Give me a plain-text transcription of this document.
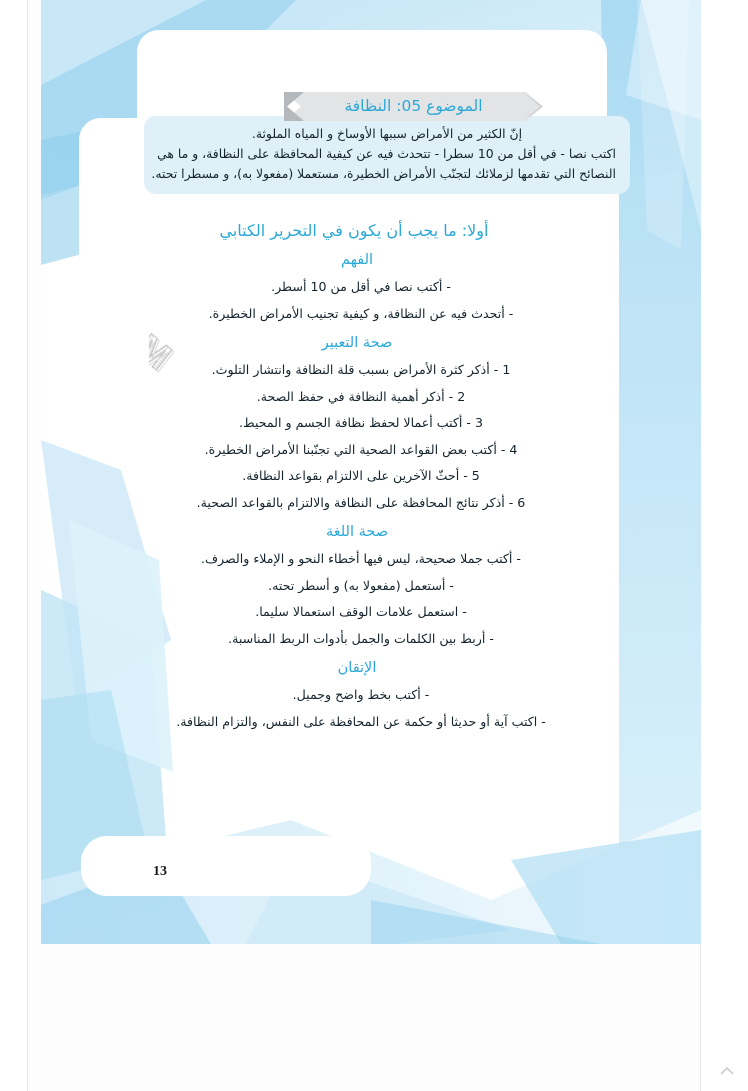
الموضوع 05: النظافة
إنّ الكثير من الأمراض سببها الأوساخ و المياه الملوثة.
اكتب نصا - في أقل من 10 سطرا - تتحدث فيه عن كيفية المحافظة على النظافة، و ما هي
النصائح التي تقدمها لزملائك لتجنّب الأمراض الخطيرة، مستعملا (مفعولا به)، و مسطرا تحته.
أولا: ما يجب أن يكون في التحرير الكتابي
الفهم
- أكتب نصا في أقل من 10 أسطر.
- أتحدث فيه عن النظافة، و كيفية تجنيب الأمراض الخطيرة.
صحة التعبير
1 - أذكر كثرة الأمراض بسبب قلة النظافة وانتشار التلوث.
2 - أذكر أهمية النظافة في حفظ الصحة.
3 - أكتب أعمالا لحفظ نظافة الجسم و المحيط.
4 - أكتب بعض القواعد الصحية التي تجنّبنا الأمراض الخطيرة.
5 - أحثّ الآخرين على الالتزام بقواعد النظافة.
6 - أذكر نتائج المحافظة على النظافة والالتزام بالقواعد الصحية.
صحة اللغة
- أكتب جملا صحيحة، ليس فيها أخطاء النحو و الإملاء والصرف.
- أستعمل (مفعولا به) و أسطر تحته.
- استعمل علامات الوقف استعمالا سليما.
- أربط بين الكلمات والجمل بأدوات الربط المناسبة.
الإتقان
- أكتب بخط واضح وجميل.
- اكتب آية أو حديثا أو حكمة عن المحافظة على النفس، والتزام النظافة.
13
